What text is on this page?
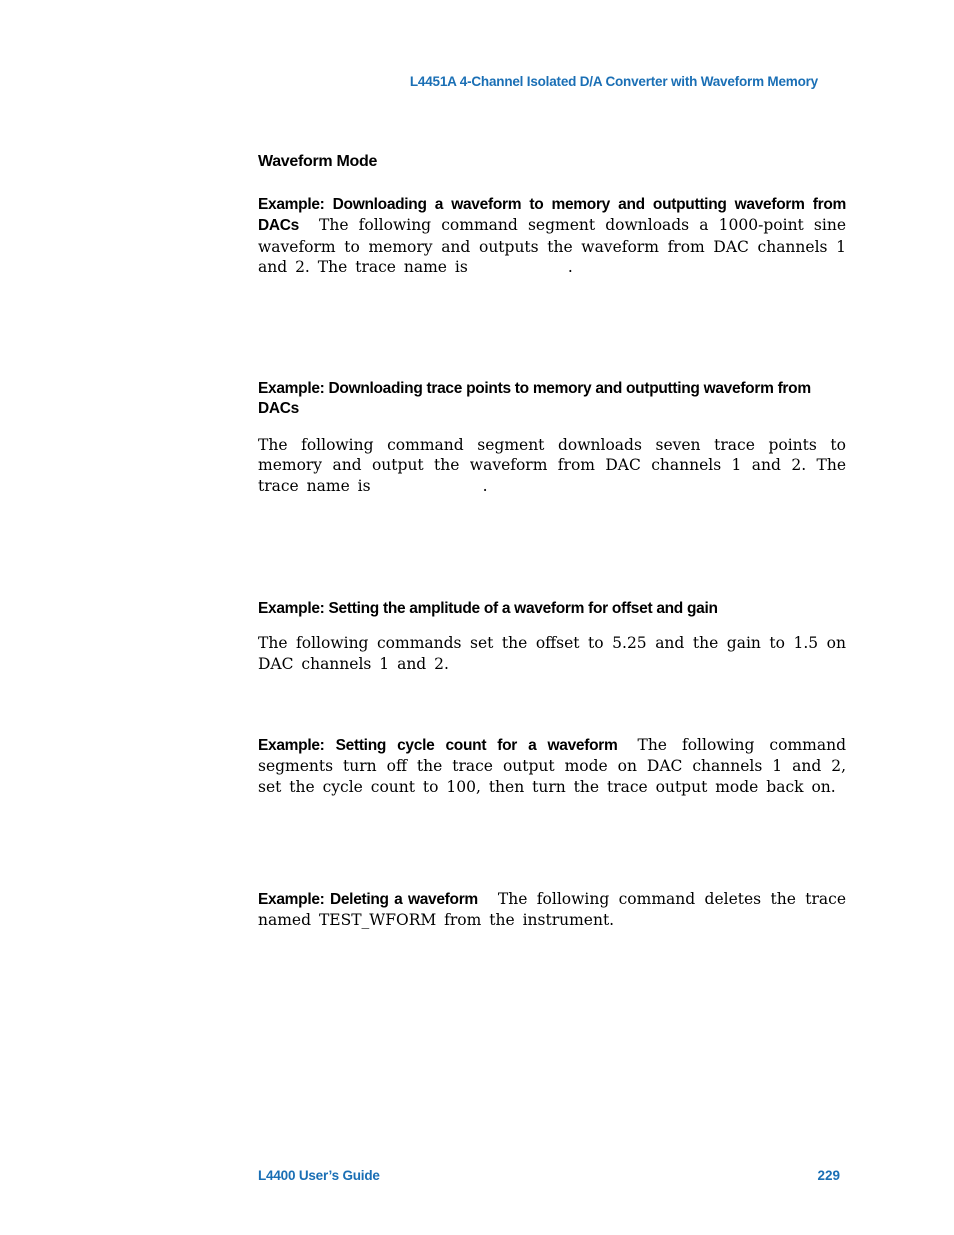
L4451A 4-Channel Isolated D/A Converter with Waveform Memory
Waveform Mode

Example: Downloading a waveform to memory and outputting waveform from DACs The following command segment downloads a 1000-point sine waveform to memory and outputs the waveform from DAC channels 1 and 2. The trace name is	.

Example: Downloading trace points to memory and outputting waveform from DACs

The following command segment downloads seven trace points to memory and output the waveform from DAC channels 1 and 2. The trace name is	.

Example: Setting the amplitude of a waveform for offset and gain

The following commands set the offset to 5.25 and the gain to 1.5 on DAC channels 1 and 2.

Example: Setting cycle count for a waveform The following command segments turn off the trace output mode on DAC channels 1 and 2, set the cycle count to 100, then turn the trace output mode back on.

Example: Deleting a waveform The following command deletes the trace named TEST_WFORM from the instrument.

L4400 User’s Guide	229
